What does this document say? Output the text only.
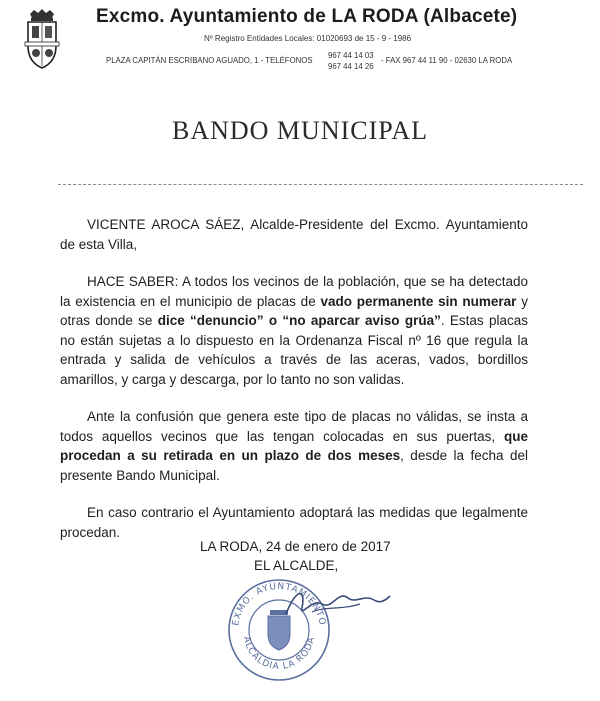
Excmo. Ayuntamiento de LA RODA (Albacete)
Nº Registro Entidades Locales: 01020693 de 15 - 9 - 1986
PLAZA CAPITÁN ESCRIBANO AGUADO, 1 - TELÉFONOS
967 44 14 03
967 44 14 26
- FAX 967 44 11 90 - 02630 LA RODA
BANDO MUNICIPAL

VICENTE AROCA SÁEZ, Alcalde-Presidente del Excmo. Ayuntamiento de esta Villa,

HACE SABER: A todos los vecinos de la población, que se ha detectado la existencia en el municipio de placas de vado permanente sin numerar y otras donde se dice “denuncio” o “no aparcar aviso grúa”. Estas placas no están sujetas a lo dispuesto en la Ordenanza Fiscal nº 16 que regula la entrada y salida de vehículos a través de las aceras, vados, bordillos amarillos, y carga y descarga, por lo tanto no son validas.

Ante la confusión que genera este tipo de placas no válidas, se insta a todos aquellos vecinos que las tengan colocadas en sus puertas, que procedan a su retirada en un plazo de dos meses, desde la fecha del presente Bando Municipal.

En caso contrario el Ayuntamiento adoptará las medidas que legalmente procedan.

LA RODA, 24 de enero de 2017
EL ALCALDE,
EXMO. AYUNTAMIENTO
ALCALDIA LA RODA
